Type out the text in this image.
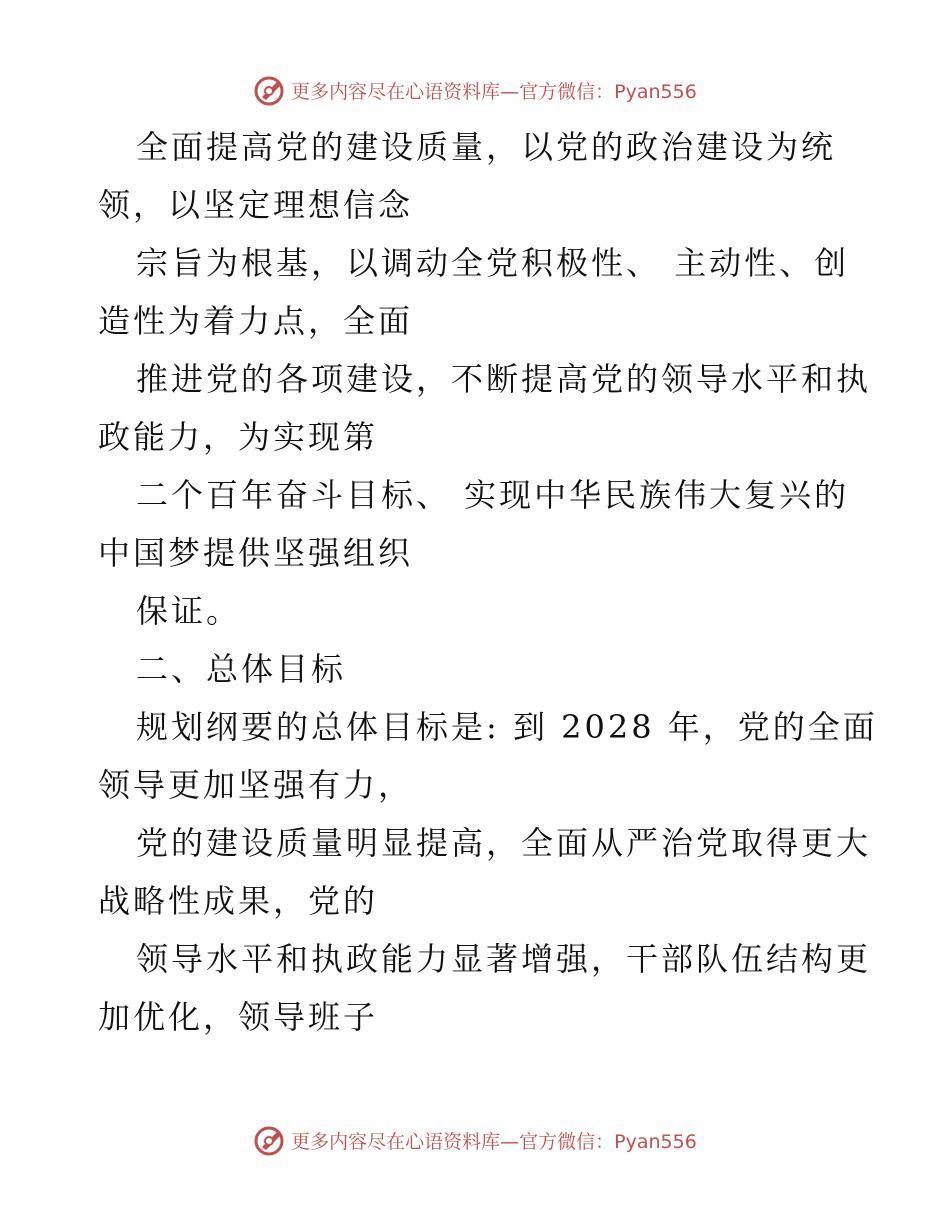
更多内容尽在心语资料库—官方微信：Pyan556

全面提高党的建设质量，以党的政治建设为统

领，以坚定理想信念

宗旨为根基，以调动全党积极性、 主动性、创

造性为着力点，全面

推进党的各项建设，不断提高党的领导水平和执

政能力，为实现第

二个百年奋斗目标、 实现中华民族伟大复兴的

中国梦提供坚强组织

保证。

二、总体目标

规划纲要的总体目标是: 到 2028 年，党的全面

领导更加坚强有力，

党的建设质量明显提高，全面从严治党取得更大

战略性成果，党的

领导水平和执政能力显著增强，干部队伍结构更

加优化，领导班子

更多内容尽在心语资料库—官方微信：Pyan556
